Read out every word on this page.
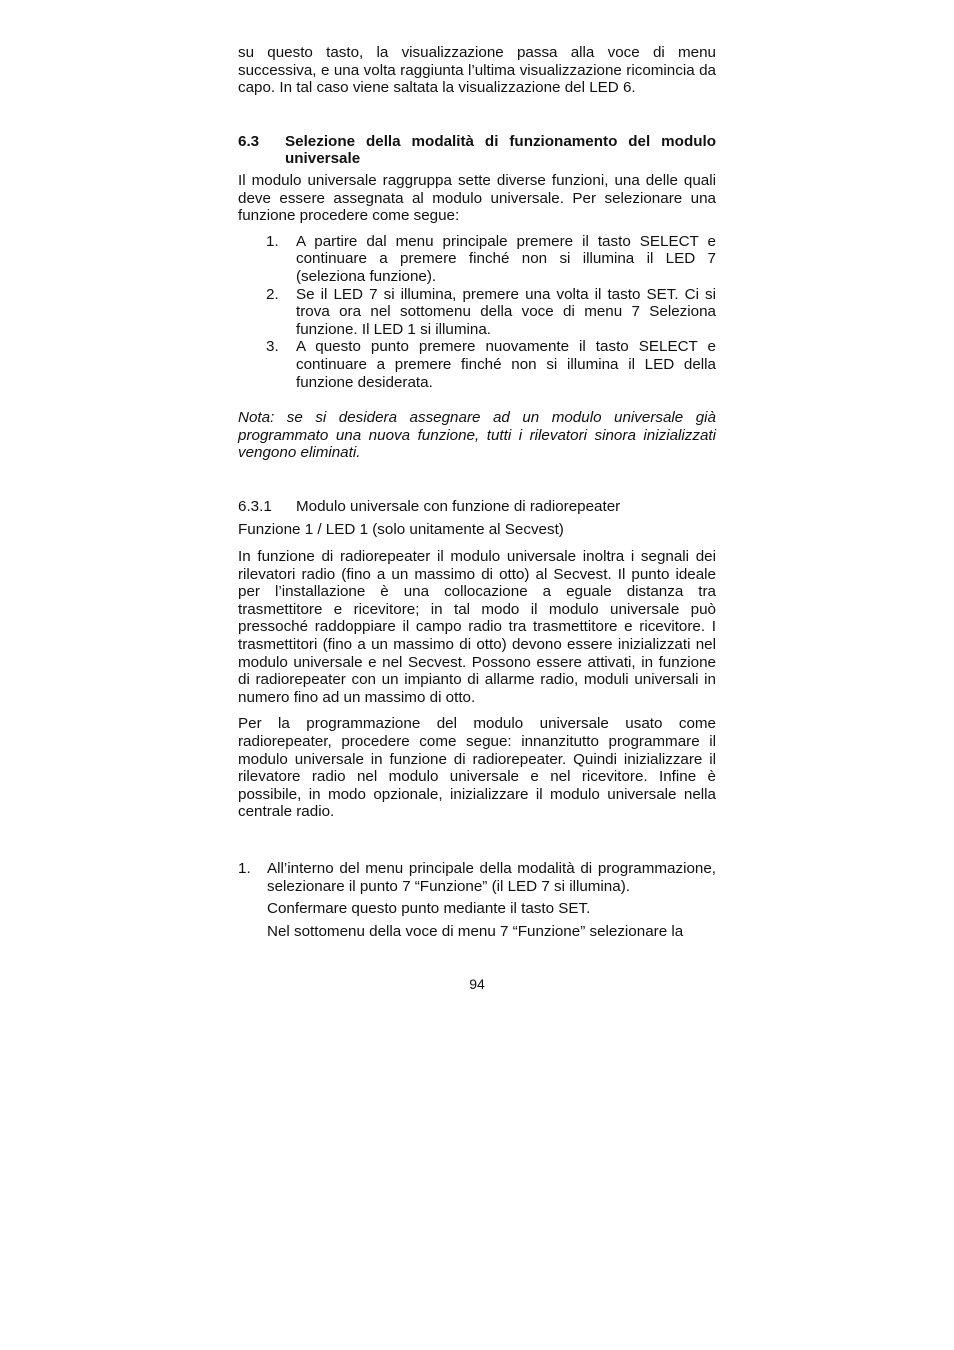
su questo tasto, la visualizzazione passa alla voce di menu successiva, e una volta raggiunta l’ultima visualizzazione ricomincia da capo. In tal caso viene saltata la visualizzazione del LED 6.

6.3	Selezione della modalità di funzionamento del modulo universale

Il modulo universale raggruppa sette diverse funzioni, una delle quali deve essere assegnata al modulo universale. Per selezionare una funzione procedere come segue:

1.	A partire dal menu principale premere il tasto SELECT e continuare a premere finché non si illumina il LED 7 (seleziona funzione).
2.	Se il LED 7 si illumina, premere una volta il tasto SET. Ci si trova ora nel sottomenu della voce di menu 7 Seleziona funzione. Il LED 1 si illumina.
3.	A questo punto premere nuovamente il tasto SELECT e continuare a premere finché non si illumina il LED della funzione desiderata.

Nota: se si desidera assegnare ad un modulo universale già programmato una nuova funzione, tutti i rilevatori sinora inizializzati vengono eliminati.

6.3.1	Modulo universale con funzione di radiorepeater

Funzione 1 / LED 1 (solo unitamente al Secvest)

In funzione di radiorepeater il modulo universale inoltra i segnali dei rilevatori radio (fino a un massimo di otto) al Secvest. Il punto ideale per l’installazione è una collocazione a eguale distanza tra trasmettitore e ricevitore; in tal modo il modulo universale può pressoché raddoppiare il campo radio tra trasmettitore e ricevitore. I trasmettitori (fino a un massimo di otto) devono essere inizializzati nel modulo universale e nel Secvest. Possono essere attivati, in funzione di radiorepeater con un impianto di allarme radio, moduli universali in numero fino ad un massimo di otto.

Per la programmazione del modulo universale usato come radiorepeater, procedere come segue: innanzitutto programmare il modulo universale in funzione di radiorepeater. Quindi inizializzare il rilevatore radio nel modulo universale e nel ricevitore. Infine è possibile, in modo opzionale, inizializzare il modulo universale nella centrale radio.

1.	All’interno del menu principale della modalità di programmazione, selezionare il punto 7 “Funzione” (il LED 7 si illumina).

Confermare questo punto mediante il tasto SET.

Nel sottomenu della voce di menu 7 “Funzione” selezionare la

94
